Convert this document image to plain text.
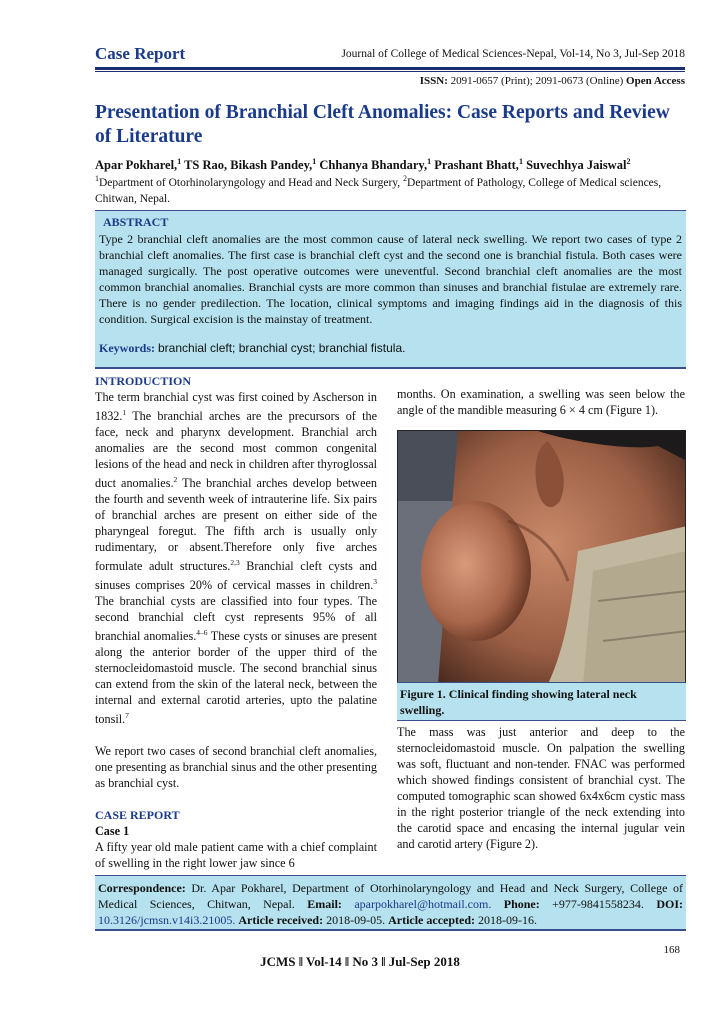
Case Report	Journal of College of Medical Sciences-Nepal, Vol-14, No 3, Jul-Sep 2018
ISSN: 2091-0657 (Print); 2091-0673 (Online) Open Access
Presentation of Branchial Cleft Anomalies: Case Reports and Review of Literature
Apar Pokharel,$^1$ TS Rao, Bikash Pandey,$^1$ Chhanya Bhandary,$^1$ Prashant Bhatt,$^1$ Suvechhya Jaiswal$^2$
$^1$Department of Otorhinolaryngology and Head and Neck Surgery, $^2$Department of Pathology, College of Medical sciences, Chitwan, Nepal.
ABSTRACT
Type 2 branchial cleft anomalies are the most common cause of lateral neck swelling. We report two cases of type 2 branchial cleft anomalies. The first case is branchial cleft cyst and the second one is branchial fistula. Both cases were managed surgically. The post operative outcomes were uneventful. Second branchial cleft anomalies are the most common branchial anomalies. Branchial cysts are more common than sinuses and branchial fistulae are extremely rare. There is no gender predilection. The location, clinical symptoms and imaging findings aid in the diagnosis of this condition. Surgical excision is the mainstay of treatment.
Keywords: branchial cleft; branchial cyst; branchial fistula.
INTRODUCTION

The term branchial cyst was first coined by Ascherson in 1832.$^1$ The branchial arches are the precursors of the face, neck and pharynx development. Branchial arch anomalies are the second most common congenital lesions of the head and neck in children after thyroglossal duct anomalies.$^2$ The branchial arches develop between the fourth and seventh week of intrauterine life. Six pairs of branchial arches are present on either side of the pharyngeal foregut. The fifth arch is usually only rudimentary, or absent.Therefore only five arches formulate adult structures.$^{2,3}$ Branchial cleft cysts and sinuses comprises 20% of cervical masses in children.$^3$ The branchial cysts are classified into four types. The second branchial cleft cyst represents 95% of all branchial anomalies.$^{4-6}$ These cysts or sinuses are present along the anterior border of the upper third of the sternocleidomastoid muscle. The second branchial sinus can extend from the skin of the lateral neck, between the internal and external carotid arteries, upto the palatine tonsil.$^7$

We report two cases of second branchial cleft anomalies, one presenting as branchial sinus and the other presenting as branchial cyst.

CASE REPORT
Case 1

A fifty year old male patient came with a chief complaint of swelling in the right lower jaw since 6

months. On examination, a swelling was seen below the angle of the mandible measuring 6 × 4 cm (Figure 1).
Figure 1. Clinical finding showing lateral neck swelling.
The mass was just anterior and deep to the sternocleidomastoid muscle. On palpation the swelling was soft, fluctuant and non-tender. FNAC was performed which showed findings consistent of branchial cyst. The computed tomographic scan showed 6x4x6cm cystic mass in the right posterior triangle of the neck extending into the carotid space and encasing the internal jugular vein and carotid artery (Figure 2).
Correspondence: Dr. Apar Pokharel, Department of Otorhinolaryngology and Head and Neck Surgery, College of Medical Sciences, Chitwan, Nepal. Email: aparpokharel@hotmail.com. Phone: +977-9841558234. DOI: 10.3126/jcmsn.v14i3.21005. Article received: 2018-09-05. Article accepted: 2018-09-16.
JCMS ‖ Vol-14 ‖ No 3 ‖ Jul-Sep 2018
168
